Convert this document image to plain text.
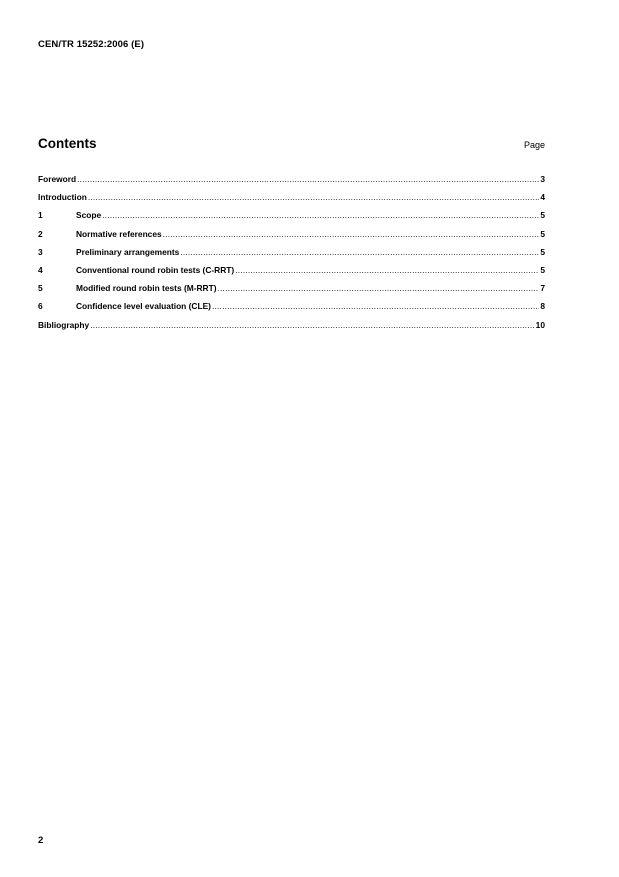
CEN/TR 15252:2006 (E)
Contents	Page
Foreword .....	3
Introduction .....	4
1	Scope .....	5
2	Normative references .....	5
3	Preliminary arrangements .....	5
4	Conventional round robin tests (C-RRT) .....	5
5	Modified round robin tests (M-RRT) .....	7
6	Confidence level evaluation (CLE) .....	8
Bibliography .....	10
2
